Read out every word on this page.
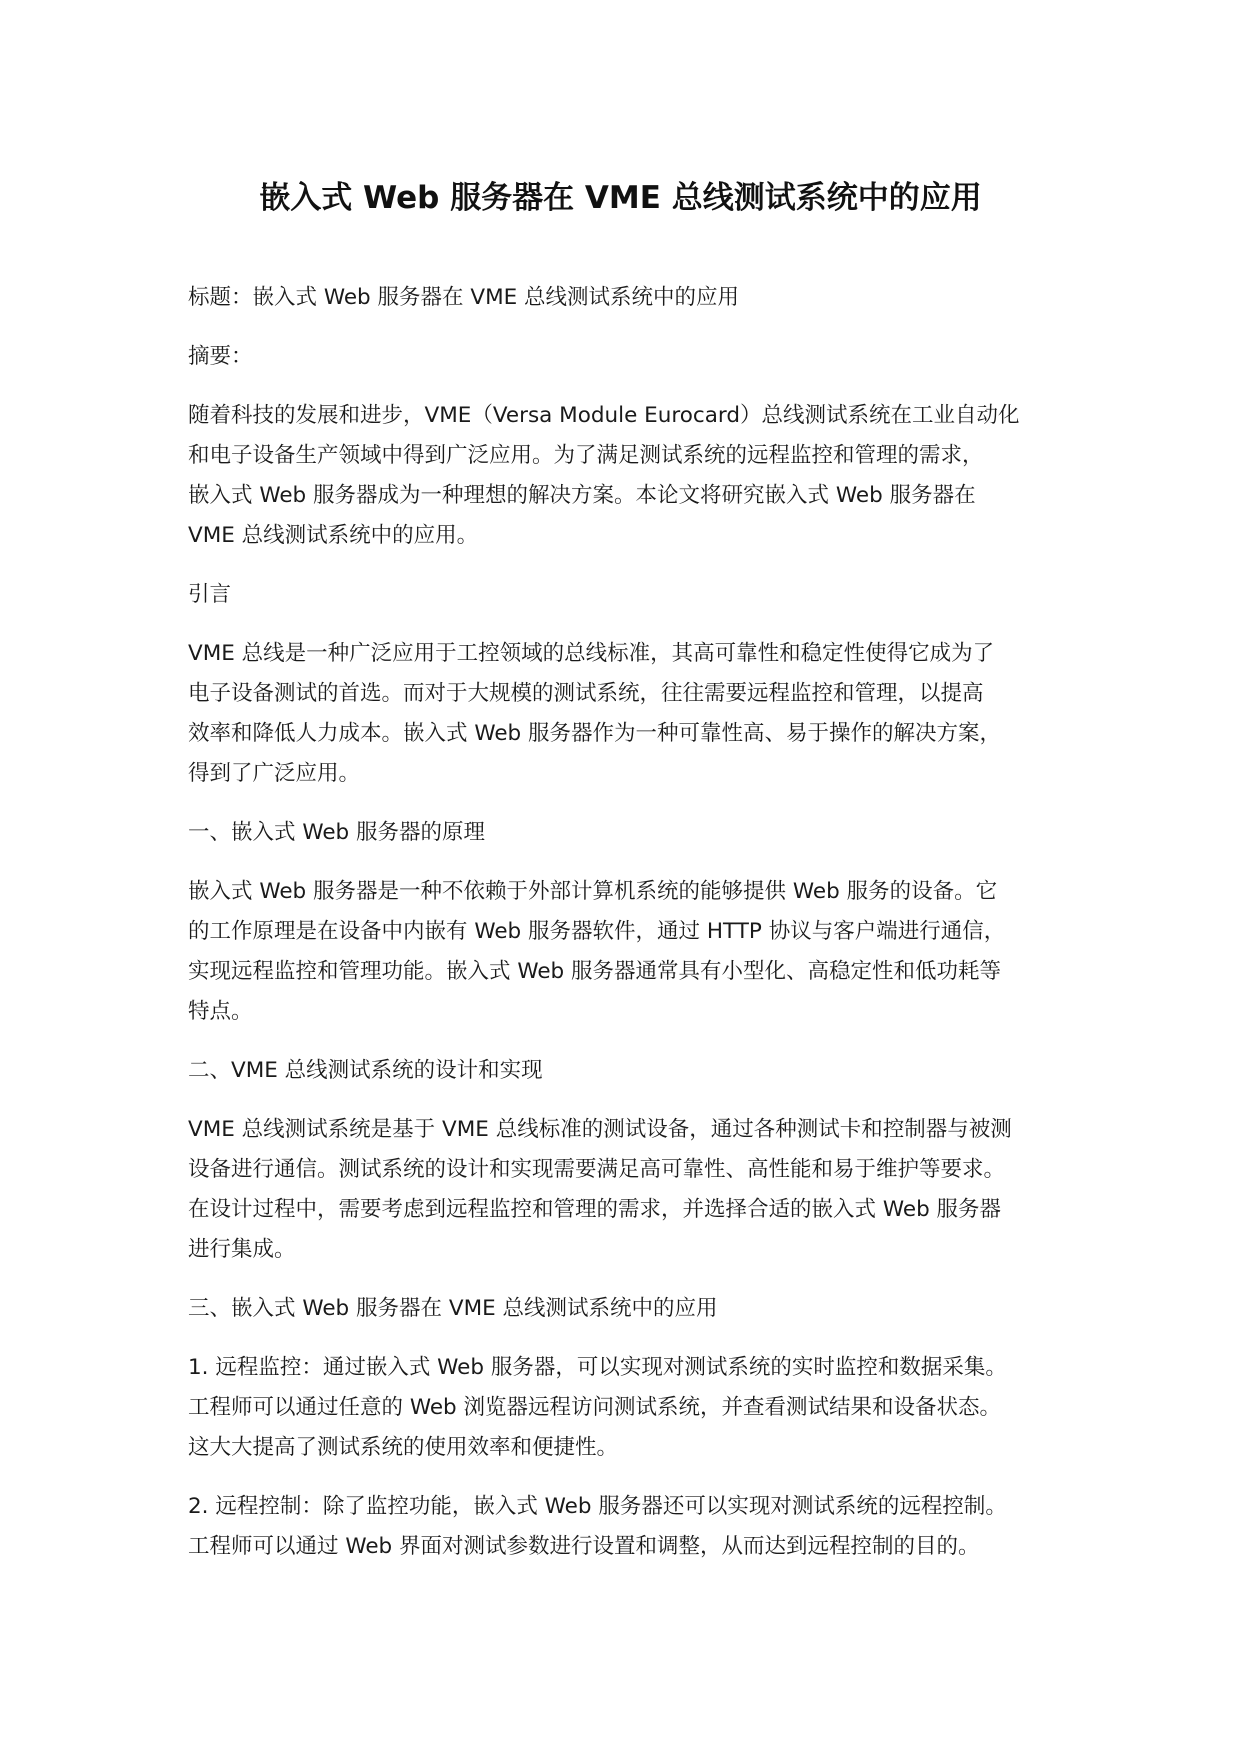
嵌入式 Web 服务器在 VME 总线测试系统中的应用

标题：嵌入式 Web 服务器在 VME 总线测试系统中的应用

摘要：

随着科技的发展和进步，VME（Versa Module Eurocard）总线测试系统在工业自动化
和电子设备生产领域中得到广泛应用。为了满足测试系统的远程监控和管理的需求，
嵌入式 Web 服务器成为一种理想的解决方案。本论文将研究嵌入式 Web 服务器在
VME 总线测试系统中的应用。

引言

VME 总线是一种广泛应用于工控领域的总线标准，其高可靠性和稳定性使得它成为了
电子设备测试的首选。而对于大规模的测试系统，往往需要远程监控和管理，以提高
效率和降低人力成本。嵌入式 Web 服务器作为一种可靠性高、易于操作的解决方案，
得到了广泛应用。

一、嵌入式 Web 服务器的原理

嵌入式 Web 服务器是一种不依赖于外部计算机系统的能够提供 Web 服务的设备。它
的工作原理是在设备中内嵌有 Web 服务器软件，通过 HTTP 协议与客户端进行通信，
实现远程监控和管理功能。嵌入式 Web 服务器通常具有小型化、高稳定性和低功耗等
特点。

二、VME 总线测试系统的设计和实现

VME 总线测试系统是基于 VME 总线标准的测试设备，通过各种测试卡和控制器与被测
设备进行通信。测试系统的设计和实现需要满足高可靠性、高性能和易于维护等要求。
在设计过程中，需要考虑到远程监控和管理的需求，并选择合适的嵌入式 Web 服务器
进行集成。

三、嵌入式 Web 服务器在 VME 总线测试系统中的应用

1. 远程监控：通过嵌入式 Web 服务器，可以实现对测试系统的实时监控和数据采集。
工程师可以通过任意的 Web 浏览器远程访问测试系统，并查看测试结果和设备状态。
这大大提高了测试系统的使用效率和便捷性。

2. 远程控制：除了监控功能，嵌入式 Web 服务器还可以实现对测试系统的远程控制。
工程师可以通过 Web 界面对测试参数进行设置和调整，从而达到远程控制的目的。
